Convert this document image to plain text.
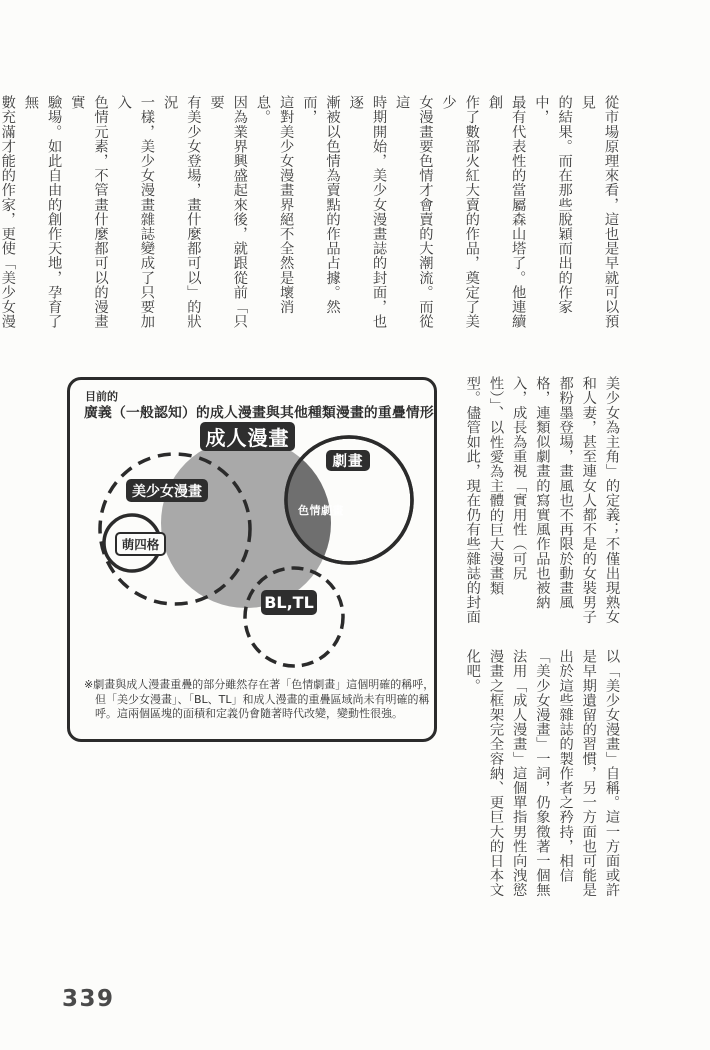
從市場原理來看，這也是早就可以預見
的結果。而在那些脫穎而出的作家中，
最有代表性的當屬森山塔了。他連續創
作了數部火紅大賣的作品，奠定了美少
女漫畫要色情才會賣的大潮流。而從這
時期開始，美少女漫畫誌的封面，也逐
漸被以色情為賣點的作品占據。然而，
這對美少女漫畫界絕不全然是壞消息。
因為業界興盛起來後，就跟從前「只要
有美少女登場，畫什麼都可以」的狀況
一樣，美少女漫畫雜誌變成了只要加入
色情元素，不管畫什麼都可以的漫畫實
驗場。如此自由的創作天地，孕育了無
數充滿才能的作家，更使「美少女漫
目前的
廣義（一般認知）的成人漫畫與其他種類漫畫的重疊情形
成人漫畫
劇畫
美少女漫畫
色情劇畫
萌四格
BL,TL
※劇畫與成人漫畫重疊的部分雖然存在著「色情劇畫」這個明確的稱呼，
但「美少女漫畫」、「BL、TL」和成人漫畫的重疊區域尚未有明確的稱
呼。這兩個區塊的面積和定義仍會隨著時代改變，變動性很強。
美少女為主角」的定義；不僅出現熟女
和人妻，甚至連女人都不是的女裝男子
都粉墨登場，畫風也不再限於動畫風
格，連類似劇畫的寫實風作品也被納
入，成長為重視「實用性（可尻
性）」、以性愛為主體的巨大漫畫類
型。儘管如此，現在仍有些雜誌的封面
以「美少女漫畫」自稱。這一方面或許
是早期遺留的習慣，另一方面也可能是
出於這些雜誌的製作者之矜持，相信
「美少女漫畫」一詞，仍象徵著一個無
法用「成人漫畫」這個單指男性向洩慾
漫畫之框架完全容納、更巨大的日本文
化吧。
339
